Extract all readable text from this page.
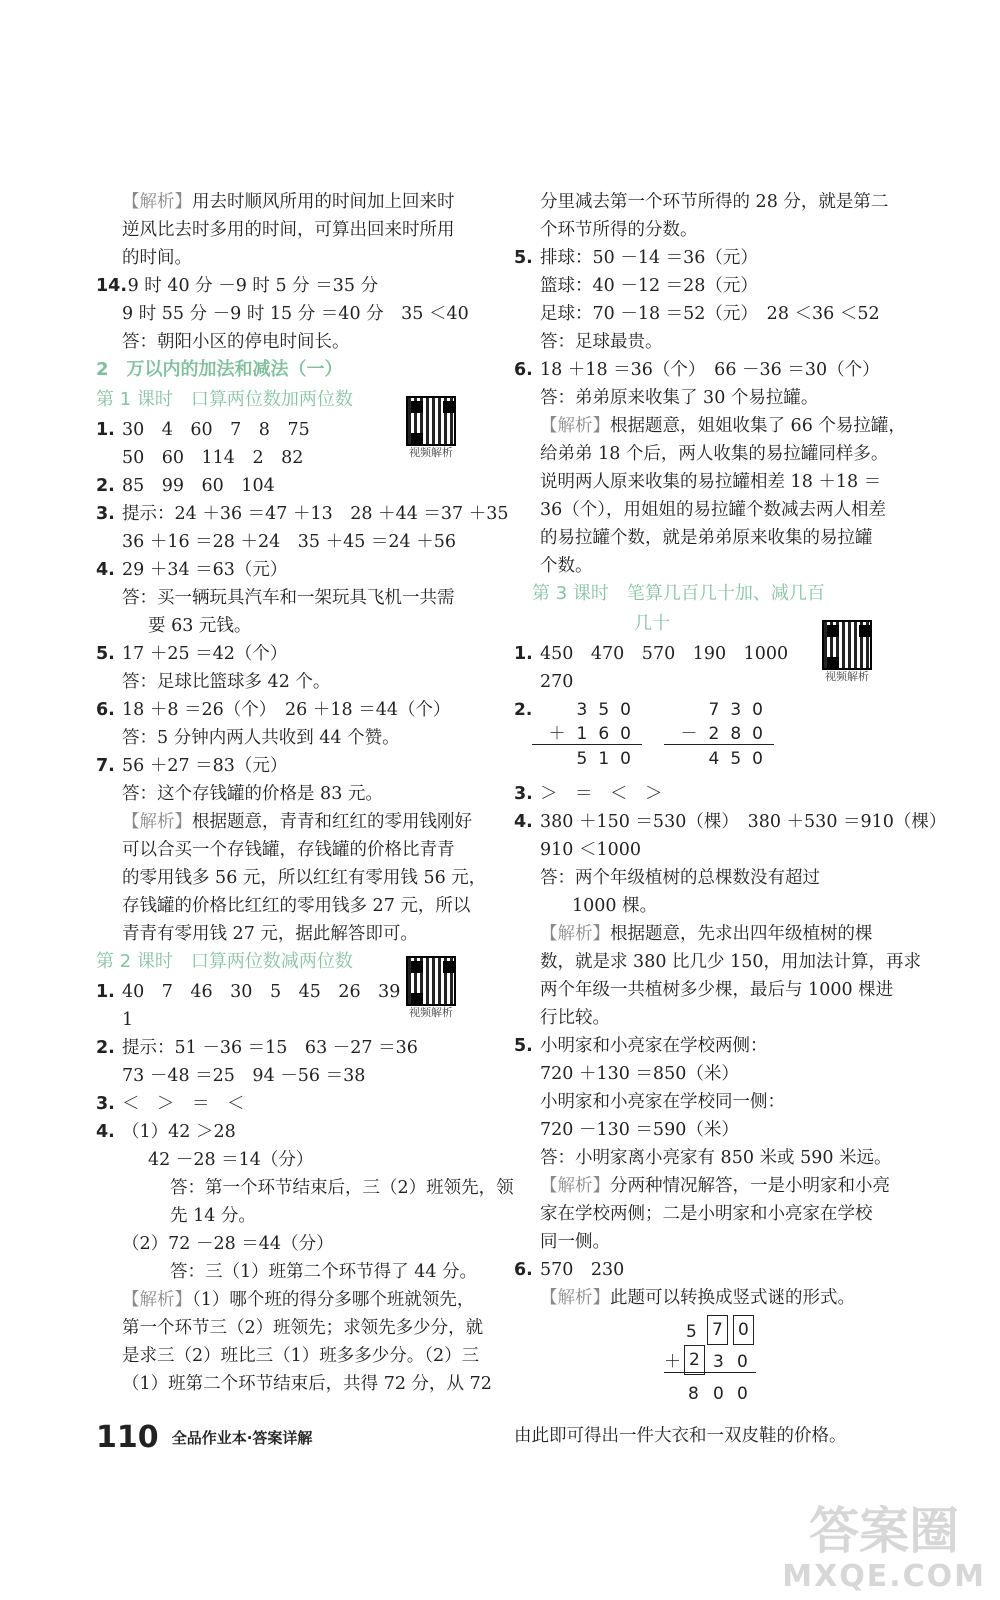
【解析】用去时顺风所用的时间加上回来时
逆风比去时多用的时间，可算出回来时所用
的时间。
14. 9 时 40 分 －9 时 5 分 ＝35 分
9 时 55 分 －9 时 15 分 ＝40 分　35 ＜40
答：朝阳小区的停电时间长。
2 万以内的加法和减法（一）
第 1 课时　 口算两位数加两位数
1. 30　4　60　7　8　75
50　60　114　2　82
2. 85　99　60　104
3. 提示：24 ＋36 ＝47 ＋13　28 ＋44 ＝37 ＋35
36 ＋16 ＝28 ＋24　35 ＋45 ＝24 ＋56
4. 29 ＋34 ＝63（元）
答：买一辆玩具汽车和一架玩具飞机一共需
要 63 元钱。
5. 17 ＋25 ＝42（个）
答：足球比篮球多 42 个。
6. 18 ＋8 ＝26（个）　26 ＋18 ＝44（个）
答：5 分钟内两人共收到 44 个赞。
7. 56 ＋27 ＝83（元）
答：这个存钱罐的价格是 83 元。
【解析】根据题意，青青和红红的零用钱刚好
可以合买一个存钱罐，存钱罐的价格比青青
的零用钱多 56 元，所以红红有零用钱 56 元，
存钱罐的价格比红红的零用钱多 27 元，所以
青青有零用钱 27 元，据此解答即可。
第 2 课时　 口算两位数减两位数
1. 40　7　46　30　5　45　26　39
1
2. 提示：51 －36 ＝15　63 －27 ＝36
73 －48 ＝25　94 －56 ＝38
3. ＜　＞　＝　＜
4. （1）42 ＞28
42 －28 ＝14（分）
答：第一个环节结束后，三（2）班领先，领
先 14 分。
（2）72 －28 ＝44（分）
答：三（1）班第二个环节得了 44 分。
【解析】（1）哪个班的得分多哪个班就领先，
第一个环节三（2）班领先；求领先多少分，就
是求三（2）班比三（1）班多多少分。（2）三
（1）班第二个环节结束后，共得 72 分，从 72
视频解析
视频解析
视频解析
分里减去第一个环节所得的 28 分，就是第二
个环节所得的分数。
5. 排球：50 －14 ＝36（元）
篮球：40 －12 ＝28（元）
足球：70 －18 ＝52（元）　28 ＜36 ＜52
答：足球最贵。
6. 18 ＋18 ＝36（个）　66 －36 ＝30（个）
答：弟弟原来收集了 30 个易拉罐。
【解析】根据题意，姐姐收集了 66 个易拉罐，
给弟弟 18 个后，两人收集的易拉罐同样多。
说明两人原来收集的易拉罐相差 18 ＋18 ＝
36（个），用姐姐的易拉罐个数减去两人相差
的易拉罐个数，就是弟弟原来收集的易拉罐
个数。
第 3 课时　 笔算几百几十加、减几百
几十
1. 450　470　570　190　1000
270
2.	350
＋160
510
730
－280
450
3. ＞　＝　＜　＞
4. 380 ＋150 ＝530（棵）　380 ＋530 ＝910（棵）
910 ＜1000
答：两个年级植树的总棵数没有超过
1000 棵。
【解析】根据题意，先求出四年级植树的棵
数，就是求 380 比几少 150，用加法计算，再求
两个年级一共植树多少棵，最后与 1000 棵进
行比较。
5. 小明家和小亮家在学校两侧：
720 ＋130 ＝850（米）
小明家和小亮家在学校同一侧：
720 －130 ＝590（米）
答：小明家离小亮家有 850 米或 590 米远。
【解析】分两种情况解答，一是小明家和小亮
家在学校两侧；二是小明家和小亮家在学校
同一侧。
6. 570　230
【解析】此题可以转换成竖式谜的形式。
5 7 0
＋ 2 3 0
8 0 0
由此即可得出一件大衣和一双皮鞋的价格。
110 全品作业本·答案详解
答案圈
MXQE.COM
